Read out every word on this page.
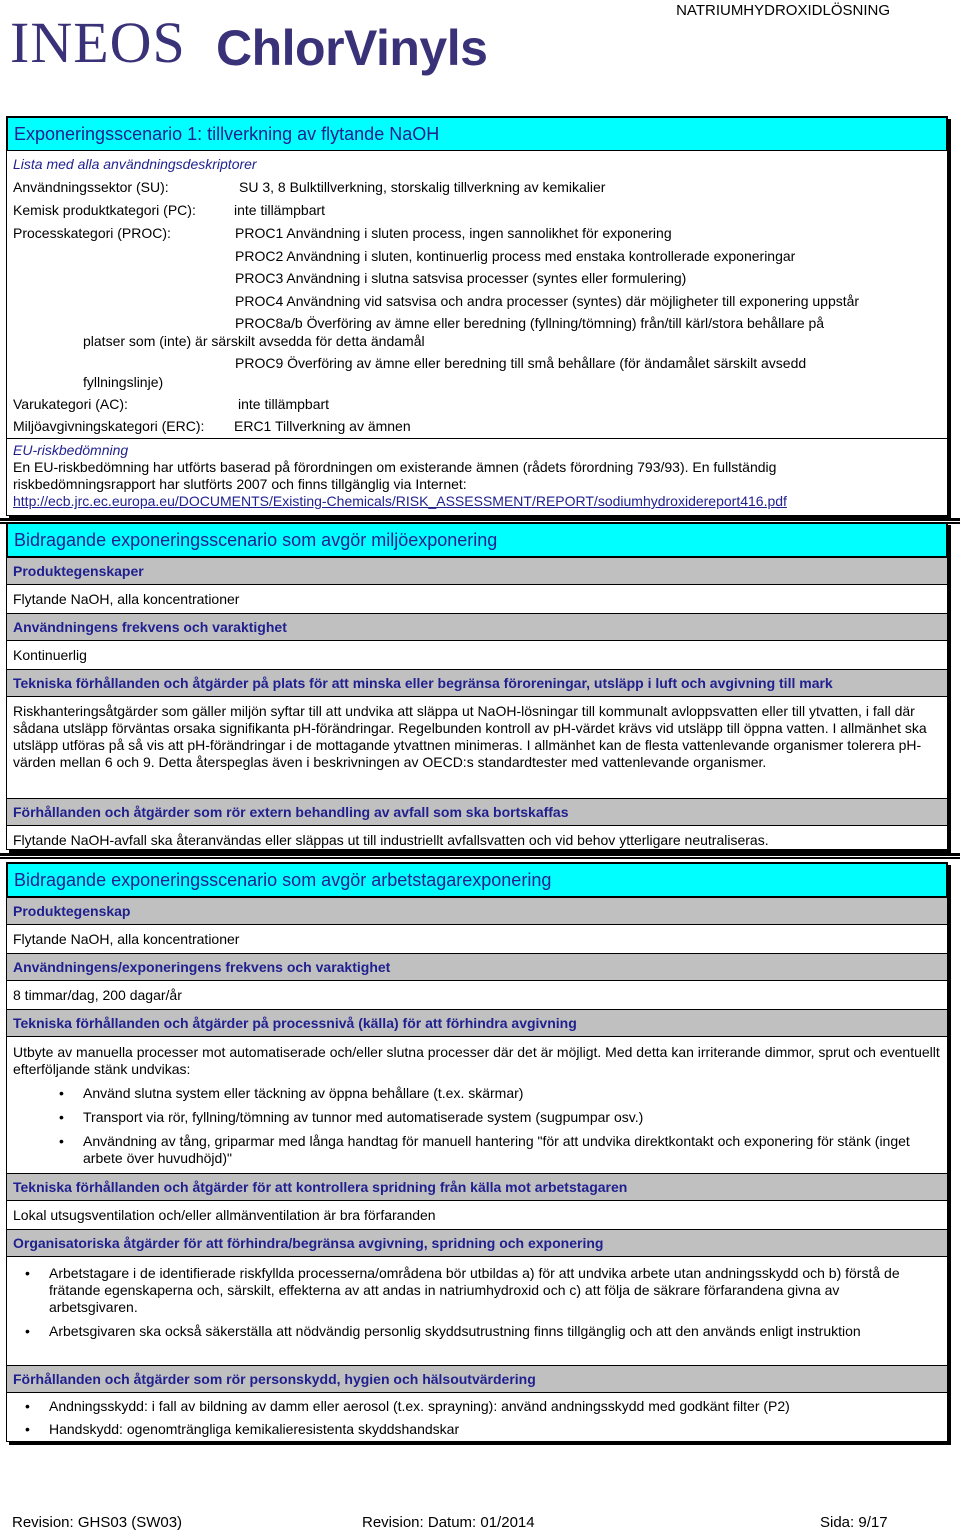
INEOS ChlorVinyls
NATRIUMHYDROXIDLÖSNING
Exponeringsscenario 1: tillverkning av flytande NaOH
Lista med alla användningsdeskriptorer
Användningssektor (SU):	SU 3, 8 Bulktillverkning, storskalig tillverkning av kemikalier
Kemisk produktkategori (PC):	inte tillämpbart
Processkategori (PROC):	PROC1 Användning i sluten process, ingen sannolikhet för exponering
PROC2 Användning i sluten, kontinuerlig process med enstaka kontrollerade exponeringar
PROC3 Användning i slutna satsvisa processer (syntes eller formulering)
PROC4 Användning vid satsvisa och andra processer (syntes) där möjligheter till exponering uppstår
PROC8a/b Överföring av ämne eller beredning (fyllning/tömning) från/till kärl/stora behållare på
platser som (inte) är särskilt avsedda för detta ändamål
PROC9 Överföring av ämne eller beredning till små behållare (för ändamålet särskilt avsedd
fyllningslinje)
Varukategori (AC):	inte tillämpbart
Miljöavgivningskategori (ERC): ERC1 Tillverkning av ämnen
EU-riskbedömning
En EU-riskbedömning har utförts baserad på förordningen om existerande ämnen (rådets förordning 793/93). En fullständig
riskbedömningsrapport har slutförts 2007 och finns tillgänglig via Internet:
http://ecb.jrc.ec.europa.eu/DOCUMENTS/Existing-Chemicals/RISK_ASSESSMENT/REPORT/sodiumhydroxidereport416.pdf
Bidragande exponeringsscenario som avgör miljöexponering
Produktegenskaper
Flytande NaOH, alla koncentrationer
Användningens frekvens och varaktighet
Kontinuerlig
Tekniska förhållanden och åtgärder på plats för att minska eller begränsa föroreningar, utsläpp i luft och avgivning till mark
Riskhanteringsåtgärder som gäller miljön syftar till att undvika att släppa ut NaOH-lösningar till kommunalt avloppsvatten eller till ytvatten, i fall där sådana utsläpp förväntas orsaka signifikanta pH-förändringar. Regelbunden kontroll av pH-värdet krävs vid utsläpp till öppna vatten. I allmänhet ska utsläpp utföras på så vis att pH-förändringar i de mottagande ytvattnen minimeras. I allmänhet kan de flesta vattenlevande organismer tolerera pH-värden mellan 6 och 9. Detta återspeglas även i beskrivningen av OECD:s standardtester med vattenlevande organismer.
Förhållanden och åtgärder som rör extern behandling av avfall som ska bortskaffas
Flytande NaOH-avfall ska återanvändas eller släppas ut till industriellt avfallsvatten och vid behov ytterligare neutraliseras.
Bidragande exponeringsscenario som avgör arbetstagarexponering
Produktegenskap
Flytande NaOH, alla koncentrationer
Användningens/exponeringens frekvens och varaktighet
8 timmar/dag, 200 dagar/år
Tekniska förhållanden och åtgärder på processnivå (källa) för att förhindra avgivning
Utbyte av manuella processer mot automatiserade och/eller slutna processer där det är möjligt. Med detta kan irriterande dimmor, sprut och eventuellt efterföljande stänk undvikas:
• Använd slutna system eller täckning av öppna behållare (t.ex. skärmar)
• Transport via rör, fyllning/tömning av tunnor med automatiserade system (sugpumpar osv.)
• Användning av tång, griparmar med långa handtag för manuell hantering "för att undvika direktkontakt och exponering för stänk (inget arbete över huvudhöjd)"
Tekniska förhållanden och åtgärder för att kontrollera spridning från källa mot arbetstagaren
Lokal utsugsventilation och/eller allmänventilation är bra förfaranden
Organisatoriska åtgärder för att förhindra/begränsa avgivning, spridning och exponering
• Arbetstagare i de identifierade riskfyllda processerna/områdena bör utbildas a) för att undvika arbete utan andningsskydd och b) förstå de frätande egenskaperna och, särskilt, effekterna av att andas in natriumhydroxid och c) att följa de säkrare förfarandena givna av arbetsgivaren.
• Arbetsgivaren ska också säkerställa att nödvändig personlig skyddsutrustning finns tillgänglig och att den används enligt instruktion
Förhållanden och åtgärder som rör personskydd, hygien och hälsoutvärdering
• Andningsskydd: i fall av bildning av damm eller aerosol (t.ex. sprayning): använd andningsskydd med godkänt filter (P2)
• Handskydd: ogenomträngliga kemikalieresistenta skyddshandskar
Revision: GHS03 (SW03)	Revision: Datum: 01/2014	Sida: 9/17
